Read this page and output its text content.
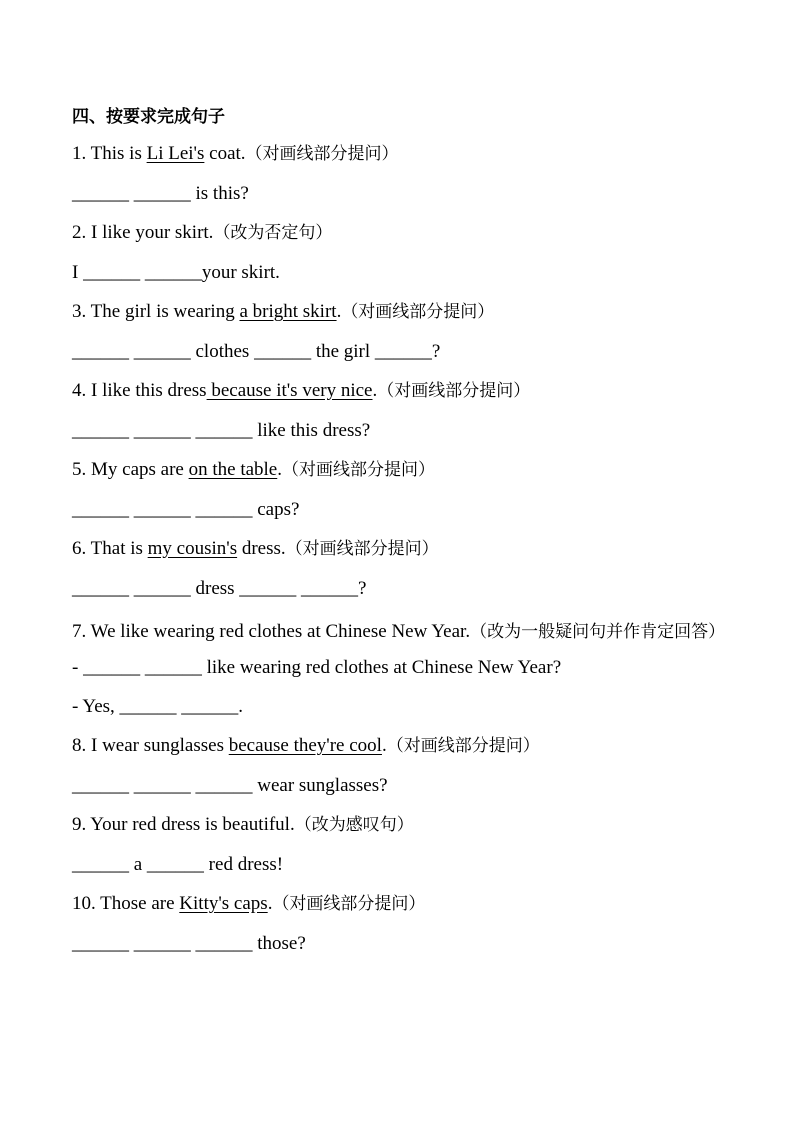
四、按要求完成句子
1. This is Li Lei's coat.（对画线部分提问）
______ ______ is this?
2. I like your skirt.（改为否定句）
I ______ ______your skirt.
3. The girl is wearing a bright skirt.（对画线部分提问）
______ ______ clothes ______ the girl ______?
4. I like this dress because it's very nice.（对画线部分提问）
______ ______ ______ like this dress?
5. My caps are on the table.（对画线部分提问）
______ ______ ______ caps?
6. That is my cousin's dress.（对画线部分提问）
______ ______ dress ______ ______?
7. We like wearing red clothes at Chinese New Year.（改为一般疑问句并作肯定回答）
- ______ ______ like wearing red clothes at Chinese New Year?
- Yes, ______ ______.
8. I wear sunglasses because they're cool.（对画线部分提问）
______ ______ ______ wear sunglasses?
9. Your red dress is beautiful.（改为感叹句）
______ a ______ red dress!
10. Those are Kitty's caps.（对画线部分提问）
______ ______ ______ those?
